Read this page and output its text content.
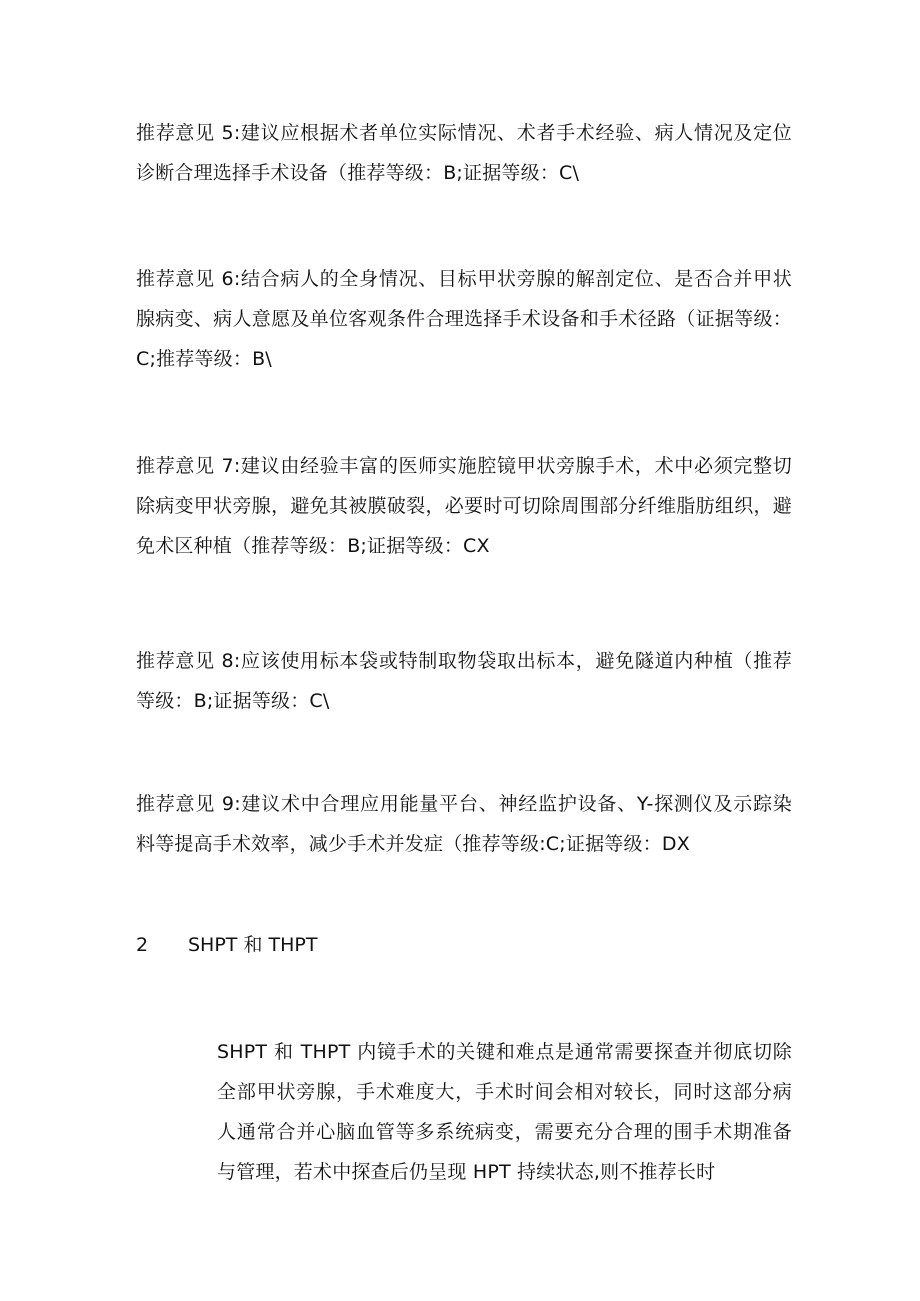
推荐意见 5:建议应根据术者单位实际情况、术者手术经验、病人情况及定位诊断合理选择手术设备（推荐等级：B;证据等级：C\

推荐意见 6:结合病人的全身情况、目标甲状旁腺的解剖定位、是否合并甲状腺病变、病人意愿及单位客观条件合理选择手术设备和手术径路（证据等级：C;推荐等级：B\

推荐意见 7:建议由经验丰富的医师实施腔镜甲状旁腺手术，术中必须完整切除病变甲状旁腺，避免其被膜破裂，必要时可切除周围部分纤维脂肪组织，避免术区种植（推荐等级：B;证据等级：CX

推荐意见 8:应该使用标本袋或特制取物袋取出标本，避免隧道内种植（推荐等级：B;证据等级：C\

推荐意见 9:建议术中合理应用能量平台、神经监护设备、Y-探测仪及示踪染料等提高手术效率，减少手术并发症（推荐等级:C;证据等级：DX

2	SHPT 和 THPT

SHPT 和 THPT 内镜手术的关键和难点是通常需要探查并彻底切除全部甲状旁腺，手术难度大，手术时间会相对较长，同时这部分病人通常合并心脑血管等多系统病变，需要充分合理的围手术期准备与管理，若术中探查后仍呈现 HPT 持续状态,则不推荐长时
